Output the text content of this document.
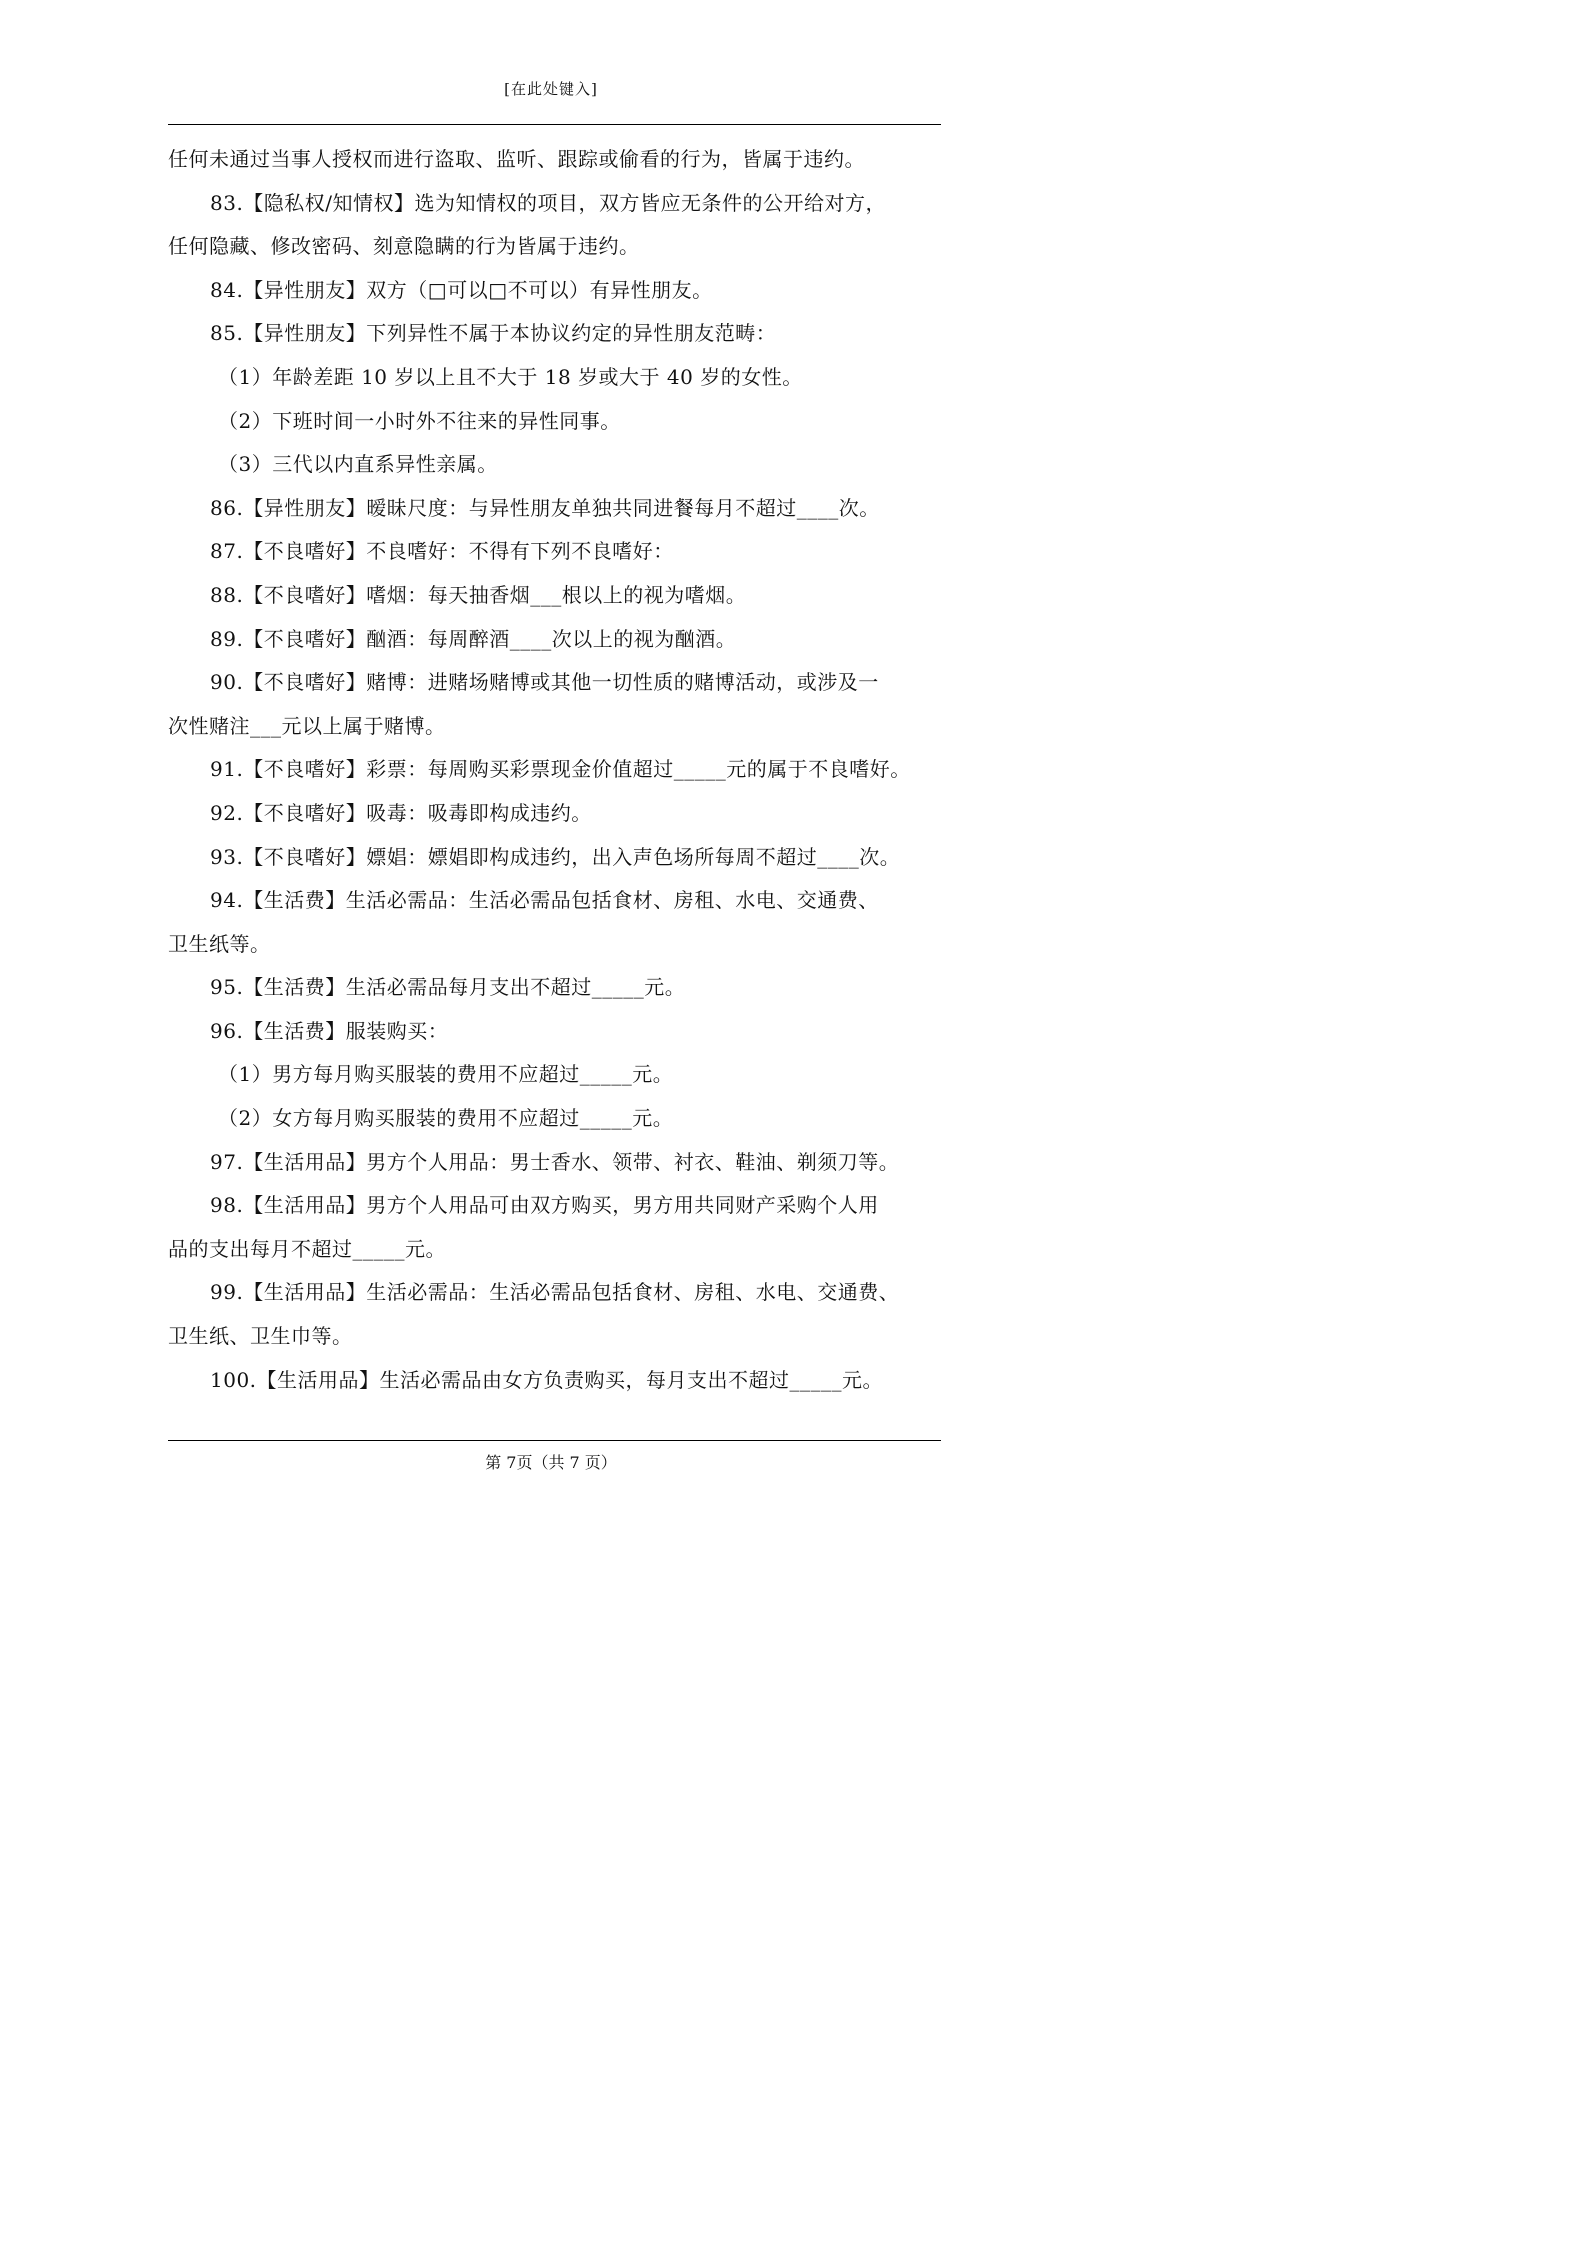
[在此处键入]
任何未通过当事人授权而进行盗取、监听、跟踪或偷看的行为，皆属于违约。
83.【隐私权/知情权】选为知情权的项目，双方皆应无条件的公开给对方，
任何隐藏、修改密码、刻意隐瞒的行为皆属于违约。
84.【异性朋友】双方（□可以□不可以）有异性朋友。
85.【异性朋友】下列异性不属于本协议约定的异性朋友范畴：
（1）年龄差距 10 岁以上且不大于 18 岁或大于 40 岁的女性。
（2）下班时间一小时外不往来的异性同事。
（3）三代以内直系异性亲属。
86.【异性朋友】暧昧尺度：与异性朋友单独共同进餐每月不超过____次。
87.【不良嗜好】不良嗜好：不得有下列不良嗜好：
88.【不良嗜好】嗜烟：每天抽香烟___根以上的视为嗜烟。
89.【不良嗜好】酗酒：每周醉酒____次以上的视为酗酒。
90.【不良嗜好】赌博：进赌场赌博或其他一切性质的赌博活动，或涉及一
次性赌注___元以上属于赌博。
91.【不良嗜好】彩票：每周购买彩票现金价值超过_____元的属于不良嗜好。
92.【不良嗜好】吸毒：吸毒即构成违约。
93.【不良嗜好】嫖娼：嫖娼即构成违约，出入声色场所每周不超过____次。
94.【生活费】生活必需品：生活必需品包括食材、房租、水电、交通费、
卫生纸等。
95.【生活费】生活必需品每月支出不超过_____元。
96.【生活费】服装购买：
（1）男方每月购买服装的费用不应超过_____元。
（2）女方每月购买服装的费用不应超过_____元。
97.【生活用品】男方个人用品：男士香水、领带、衬衣、鞋油、剃须刀等。
98.【生活用品】男方个人用品可由双方购买，男方用共同财产采购个人用
品的支出每月不超过_____元。
99.【生活用品】生活必需品：生活必需品包括食材、房租、水电、交通费、
卫生纸、卫生巾等。
100.【生活用品】生活必需品由女方负责购买，每月支出不超过_____元。
第 7页（共 7 页）
